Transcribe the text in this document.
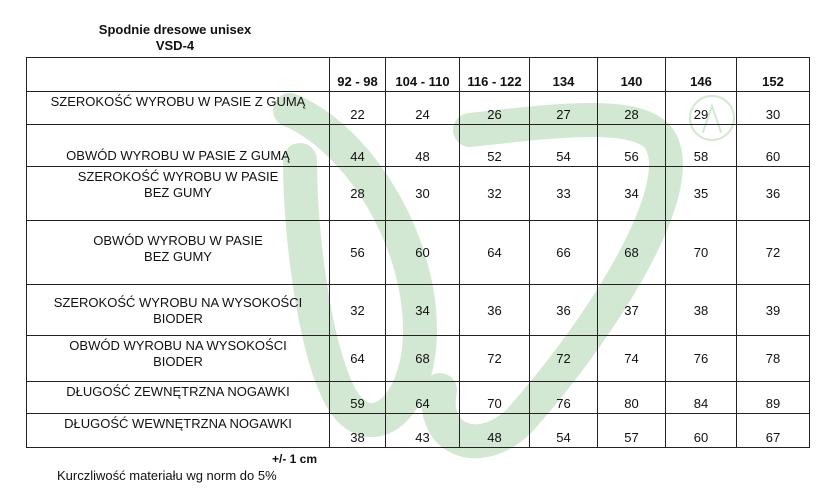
Spodnie dresowe unisex
VSD-4
	92 - 98	104 - 110	116 - 122	134	140	146	152
SZEROKOŚĆ WYROBU W PASIE Z GUMĄ	22	24	26	27	28	29	30
OBWÓD WYROBU W PASIE Z GUMĄ	44	48	52	54	56	58	60
SZEROKOŚĆ WYROBU W PASIE
BEZ GUMY	28	30	32	33	34	35	36
OBWÓD WYROBU W PASIE
BEZ GUMY	56	60	64	66	68	70	72
SZEROKOŚĆ WYROBU NA WYSOKOŚCI
BIODER	32	34	36	36	37	38	39
OBWÓD WYROBU NA WYSOKOŚCI
BIODER	64	68	72	72	74	76	78
DŁUGOŚĆ ZEWNĘTRZNA NOGAWKI	59	64	70	76	80	84	89
DŁUGOŚĆ WEWNĘTRZNA NOGAWKI	38	43	48	54	57	60	67
+/- 1 cm
Kurczliwość materiału wg norm do 5%
